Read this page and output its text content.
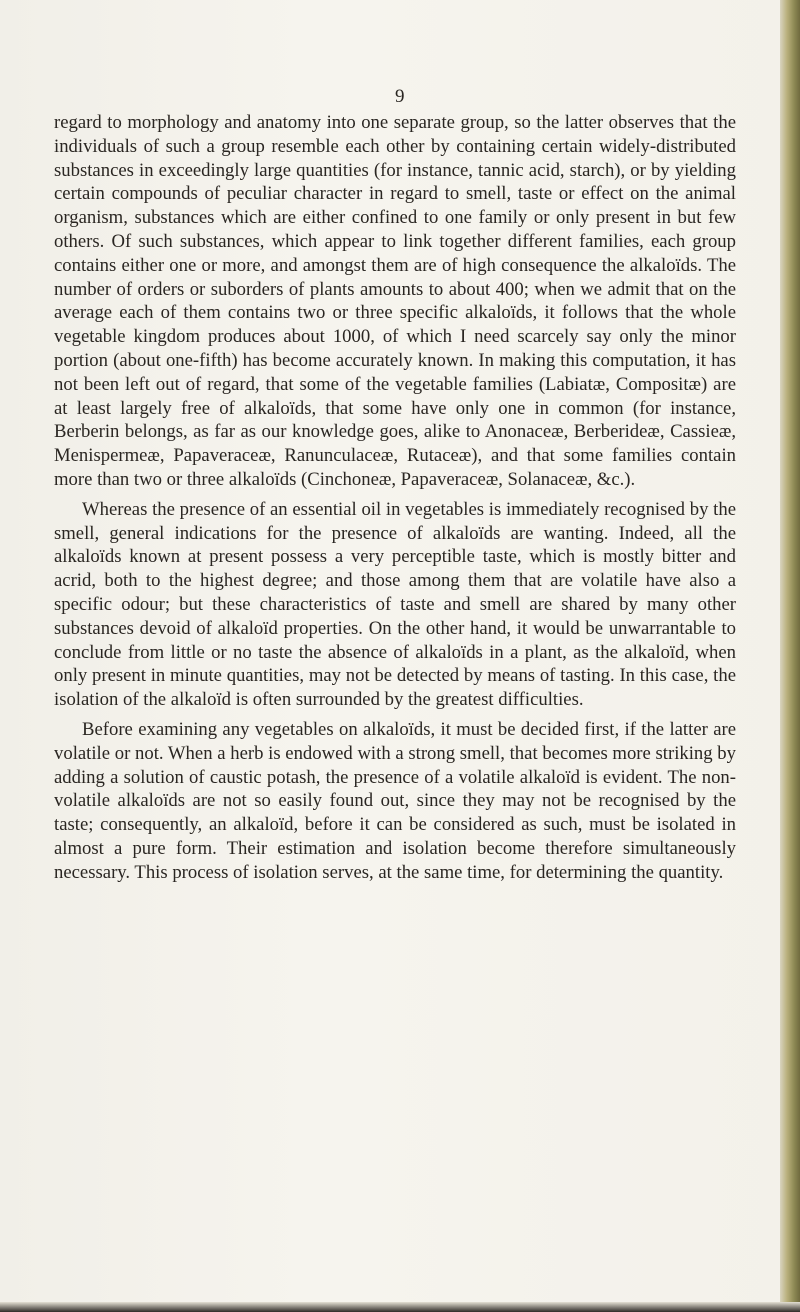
9

regard to morphology and anatomy into one separate group, so the latter observes that the individuals of such a group resemble each other by containing certain widely-distributed substances in exceedingly large quantities (for instance, tannic acid, starch), or by yielding certain compounds of peculiar character in regard to smell, taste or effect on the animal organism, substances which are either confined to one family or only present in but few others. Of such substances, which appear to link together different families, each group contains either one or more, and amongst them are of high consequence the alkaloïds. The number of orders or suborders of plants amounts to about 400; when we admit that on the average each of them contains two or three specific alkaloïds, it follows that the whole vegetable kingdom produces about 1000, of which I need scarcely say only the minor portion (about one-fifth) has become accurately known. In making this computation, it has not been left out of regard, that some of the vegetable families (Labiatæ, Compositæ) are at least largely free of alkaloïds, that some have only one in common (for instance, Berberin belongs, as far as our knowledge goes, alike to Anonaceæ, Berberideæ, Cassieæ, Menispermeæ, Papaveraceæ, Ranunculaceæ, Rutaceæ), and that some families contain more than two or three alkaloïds (Cinchoneæ, Papaveraceæ, Solanaceæ, &c.).

Whereas the presence of an essential oil in vegetables is immediately recognised by the smell, general indications for the presence of alkaloïds are wanting. Indeed, all the alkaloïds known at present possess a very perceptible taste, which is mostly bitter and acrid, both to the highest degree; and those among them that are volatile have also a specific odour; but these characteristics of taste and smell are shared by many other substances devoid of alkaloïd properties. On the other hand, it would be unwarrantable to conclude from little or no taste the absence of alkaloïds in a plant, as the alkaloïd, when only present in minute quantities, may not be detected by means of tasting. In this case, the isolation of the alkaloïd is often surrounded by the greatest difficulties.

Before examining any vegetables on alkaloïds, it must be decided first, if the latter are volatile or not. When a herb is endowed with a strong smell, that becomes more striking by adding a solution of caustic potash, the presence of a volatile alkaloïd is evident. The non-volatile alkaloïds are not so easily found out, since they may not be recognised by the taste; consequently, an alkaloïd, before it can be considered as such, must be isolated in almost a pure form. Their estimation and isolation become therefore simultaneously necessary. This process of isolation serves, at the same time, for determining the quantity.
